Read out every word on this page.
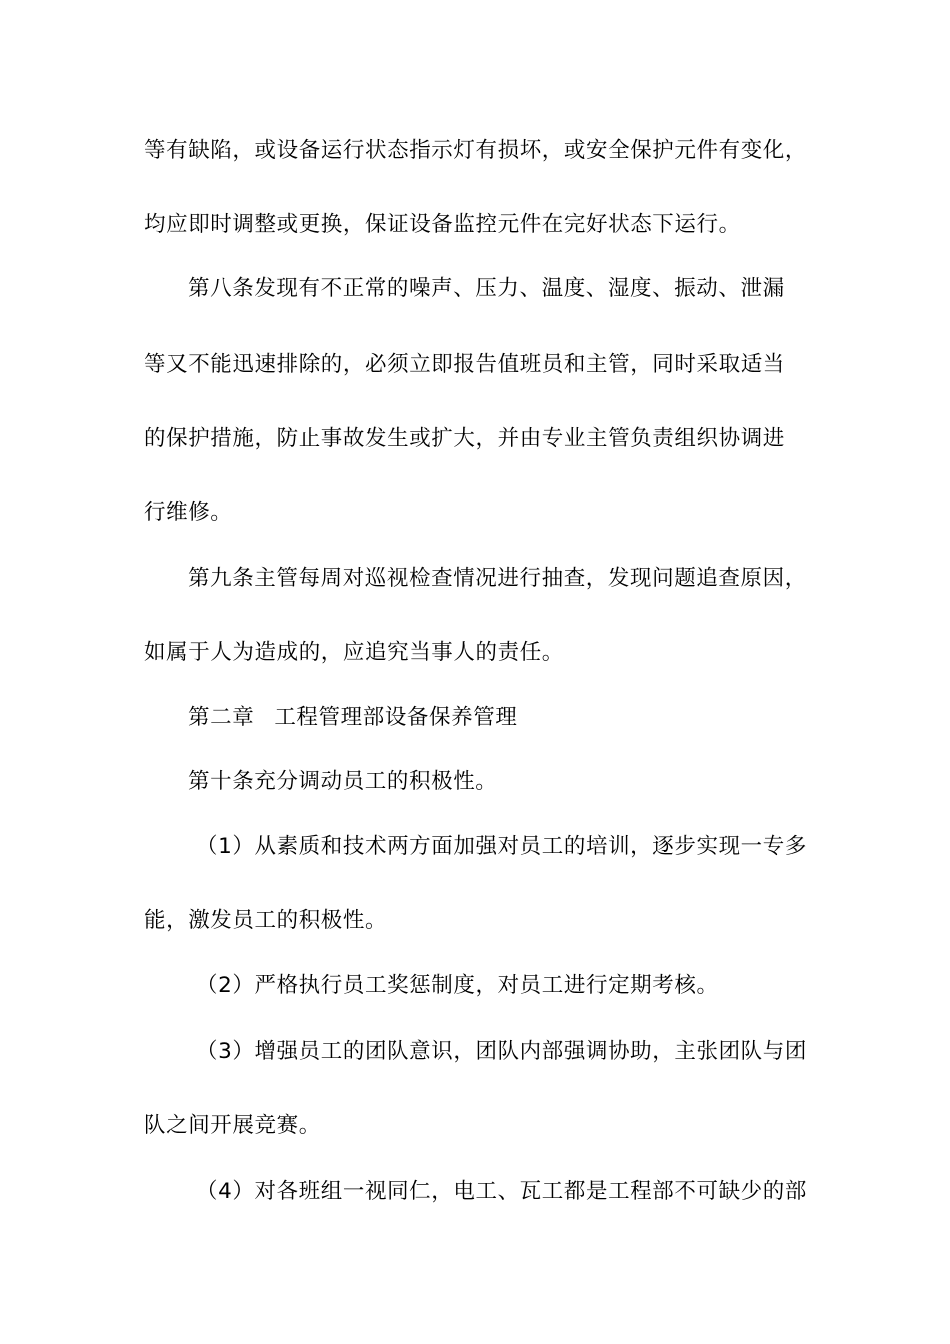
等有缺陷，或设备运行状态指示灯有损坏，或安全保护元件有变化，
均应即时调整或更换，保证设备监控元件在完好状态下运行。
第八条发现有不正常的噪声、压力、温度、湿度、振动、泄漏
等又不能迅速排除的，必须立即报告值班员和主管，同时采取适当
的保护措施，防止事故发生或扩大，并由专业主管负责组织协调进
行维修。
第九条主管每周对巡视检查情况进行抽查，发现问题追查原因，
如属于人为造成的，应追究当事人的责任。
第二章 工程管理部设备保养管理
第十条充分调动员工的积极性。
（1）从素质和技术两方面加强对员工的培训，逐步实现一专多
能，激发员工的积极性。
（2）严格执行员工奖惩制度，对员工进行定期考核。
（3）增强员工的团队意识，团队内部强调协助，主张团队与团
队之间开展竞赛。
（4）对各班组一视同仁，电工、瓦工都是工程部不可缺少的部
